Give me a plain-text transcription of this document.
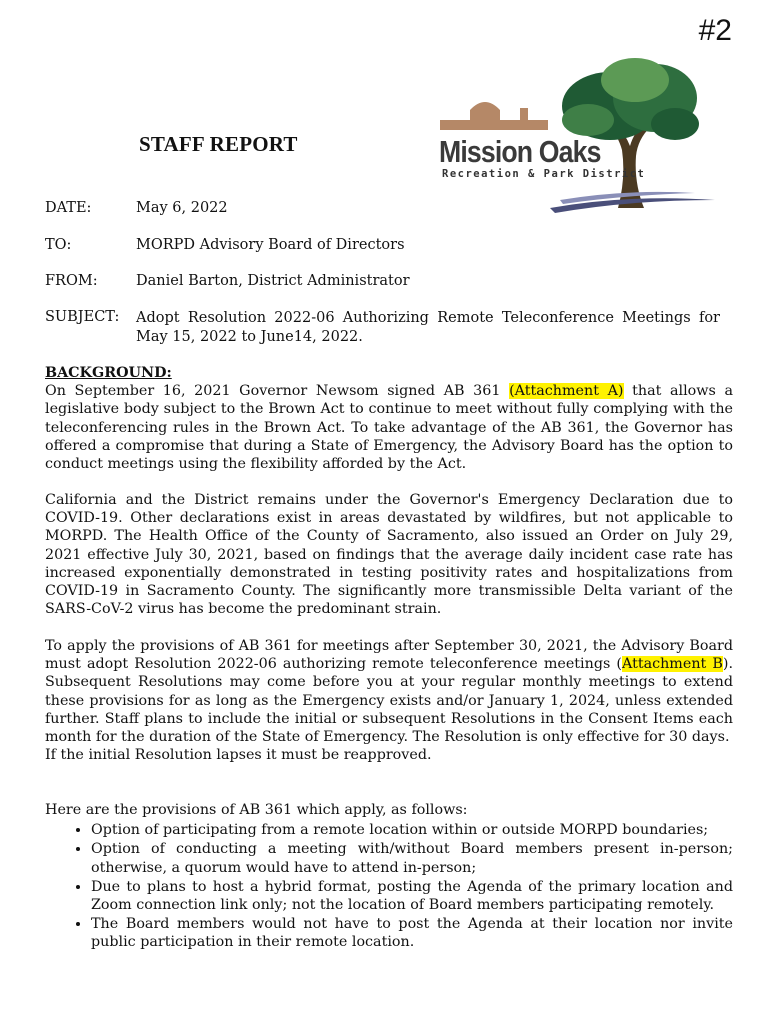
#2
STAFF REPORT	Mission Oaks
Recreation & Park District
DATE:	May 6, 2022
TO:	MORPD Advisory Board of Directors
FROM:	Daniel Barton, District Administrator
SUBJECT: Adopt Resolution 2022-06 Authorizing Remote Teleconference Meetings for May 15, 2022 to June14, 2022.
BACKGROUND:
On September 16, 2021 Governor Newsom signed AB 361 (Attachment A) that allows a legislative body subject to the Brown Act to continue to meet without fully complying with the teleconferencing rules in the Brown Act. To take advantage of the AB 361, the Governor has offered a compromise that during a State of Emergency, the Advisory Board has the option to conduct meetings using the flexibility afforded by the Act.
California and the District remains under the Governor's Emergency Declaration due to COVID-19. Other declarations exist in areas devastated by wildfires, but not applicable to MORPD. The Health Office of the County of Sacramento, also issued an Order on July 29, 2021 effective July 30, 2021, based on findings that the average daily incident case rate has increased exponentially demonstrated in testing positivity rates and hospitalizations from COVID-19 in Sacramento County. The significantly more transmissible Delta variant of the SARS-CoV-2 virus has become the predominant strain.
To apply the provisions of AB 361 for meetings after September 30, 2021, the Advisory Board must adopt Resolution 2022-06 authorizing remote teleconference meetings (Attachment B). Subsequent Resolutions may come before you at your regular monthly meetings to extend these provisions for as long as the Emergency exists and/or January 1, 2024, unless extended further. Staff plans to include the initial or subsequent Resolutions in the Consent Items each month for the duration of the State of Emergency. The Resolution is only effective for 30 days.
If the initial Resolution lapses it must be reapproved.
Here are the provisions of AB 361 which apply, as follows:
• Option of participating from a remote location within or outside MORPD boundaries;
• Option of conducting a meeting with/without Board members present in-person; otherwise, a quorum would have to attend in-person;
• Due to plans to host a hybrid format, posting the Agenda of the primary location and Zoom connection link only; not the location of Board members participating remotely.
• The Board members would not have to post the Agenda at their location nor invite public participation in their remote location.
